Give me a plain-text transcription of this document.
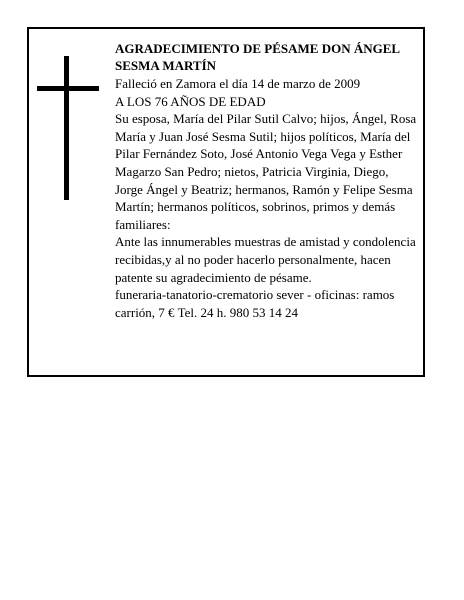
AGRADECIMIENTO DE PÉSAME DON ÁNGEL SESMA MARTÍN

Falleció en Zamora el día 14 de marzo de 2009

A LOS 76 AÑOS DE EDAD

Su esposa, María del Pilar Sutil Calvo; hijos, Ángel, Rosa María y Juan José Sesma Sutil; hijos políticos, María del Pilar Fernández Soto, José Antonio Vega Vega y Esther Magarzo San Pedro; nietos, Patricia Virginia, Diego, Jorge Ángel y Beatriz; hermanos, Ramón y Felipe Sesma Martín; hermanos políticos, sobrinos, primos y demás familiares:

Ante las innumerables muestras de amistad y condolencia recibidas,y al no poder hacerlo personalmente, hacen patente su agradecimiento de pésame.

funeraria-tanatorio-crematorio sever - oficinas: ramos carrión, 7 € Tel. 24 h. 980 53 14 24
